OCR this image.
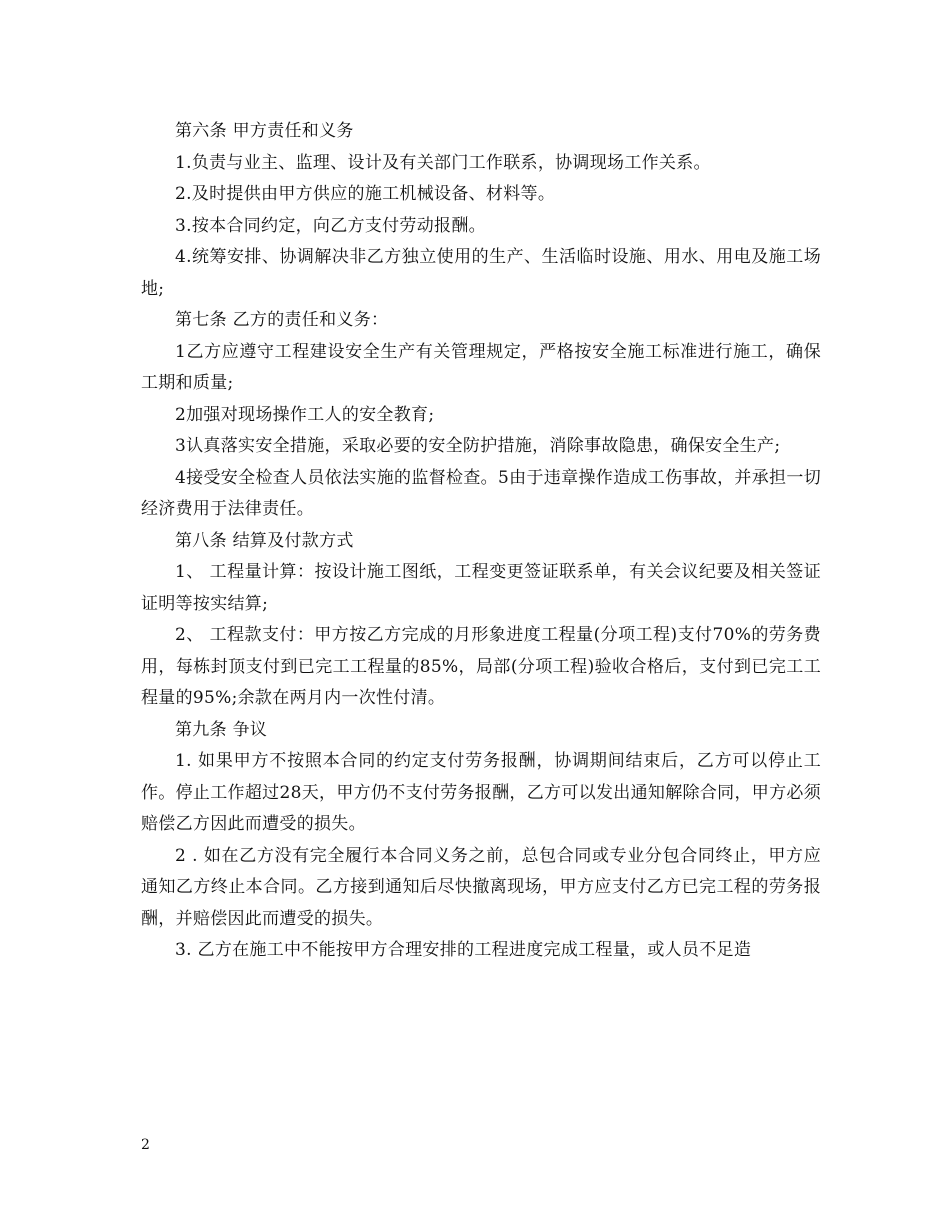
第六条 甲方责任和义务

1.负责与业主、监理、设计及有关部门工作联系，协调现场工作关系。

2.及时提供由甲方供应的施工机械设备、材料等。

3.按本合同约定，向乙方支付劳动报酬。

4.统筹安排、协调解决非乙方独立使用的生产、生活临时设施、用水、用电及施工场地;

第七条 乙方的责任和义务：

1乙方应遵守工程建设安全生产有关管理规定，严格按安全施工标准进行施工，确保工期和质量;

2加强对现场操作工人的安全教育;

3认真落实安全措施，采取必要的安全防护措施，消除事故隐患，确保安全生产;

4接受安全检查人员依法实施的监督检查。5由于违章操作造成工伤事故，并承担一切经济费用于法律责任。

第八条 结算及付款方式

1、 工程量计算：按设计施工图纸，工程变更签证联系单，有关会议纪要及相关签证证明等按实结算;

2、 工程款支付：甲方按乙方完成的月形象进度工程量(分项工程)支付70%的劳务费用，每栋封顶支付到已完工工程量的85%，局部(分项工程)验收合格后，支付到已完工工程量的95%;余款在两月内一次性付清。

第九条 争议

1. 如果甲方不按照本合同的约定支付劳务报酬，协调期间结束后，乙方可以停止工作。停止工作超过28天，甲方仍不支付劳务报酬，乙方可以发出通知解除合同，甲方必须赔偿乙方因此而遭受的损失。

2 . 如在乙方没有完全履行本合同义务之前，总包合同或专业分包合同终止，甲方应通知乙方终止本合同。乙方接到通知后尽快撤离现场，甲方应支付乙方已完工程的劳务报酬，并赔偿因此而遭受的损失。

3. 乙方在施工中不能按甲方合理安排的工程进度完成工程量，或人员不足造

2
